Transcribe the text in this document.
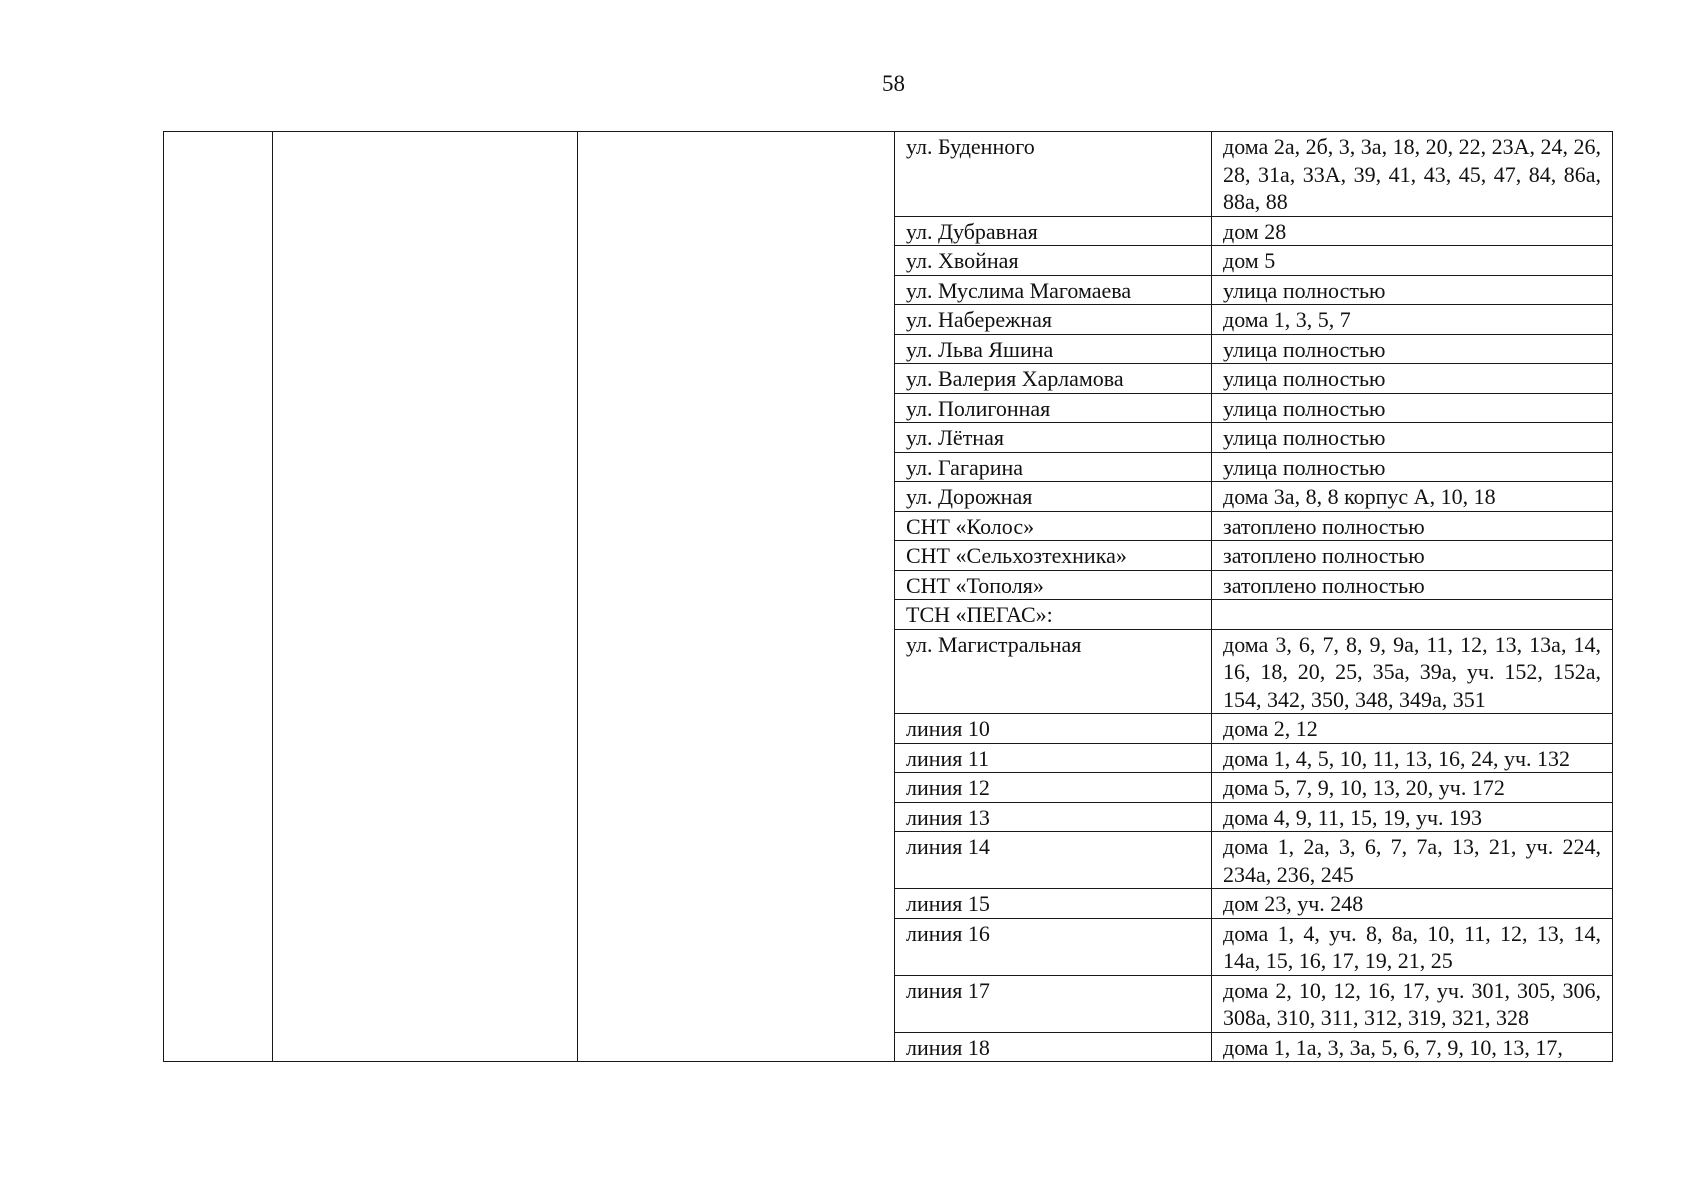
58
			ул. Буденного	дома 2а, 2б, 3, 3а, 18, 20, 22, 23А, 24, 26, 28, 31а, 33А, 39, 41, 43, 45, 47, 84, 86а, 88а, 88
			ул. Дубравная	дом 28
			ул. Хвойная	дом 5
			ул. Муслима Магомаева	улица полностью
			ул. Набережная	дома 1, 3, 5, 7
			ул. Льва Яшина	улица полностью
			ул. Валерия Харламова	улица полностью
			ул. Полигонная	улица полностью
			ул. Лётная	улица полностью
			ул. Гагарина	улица полностью
			ул. Дорожная	дома 3а, 8, 8 корпус А, 10, 18
			СНТ «Колос»	затоплено полностью
			СНТ «Сельхозтехника»	затоплено полностью
			СНТ «Тополя»	затоплено полностью
			ТСН «ПЕГАС»:	
			ул. Магистральная	дома 3, 6, 7, 8, 9, 9а, 11, 12, 13, 13а, 14, 16, 18, 20, 25, 35а, 39а, уч. 152, 152а, 154, 342, 350, 348, 349а, 351
			линия 10	дома 2, 12
			линия 11	дома 1, 4, 5, 10, 11, 13, 16, 24, уч. 132
			линия 12	дома 5, 7, 9, 10, 13, 20, уч. 172
			линия 13	дома 4, 9, 11, 15, 19, уч. 193
			линия 14	дома 1, 2а, 3, 6, 7, 7а, 13, 21, уч. 224, 234а, 236, 245
			линия 15	дом 23, уч. 248
			линия 16	дома 1, 4, уч. 8, 8а, 10, 11, 12, 13, 14, 14а, 15, 16, 17, 19, 21, 25
			линия 17	дома 2, 10, 12, 16, 17, уч. 301, 305, 306, 308а, 310, 311, 312, 319, 321, 328
			линия 18	дома 1, 1а, 3, 3а, 5, 6, 7, 9, 10, 13, 17,
